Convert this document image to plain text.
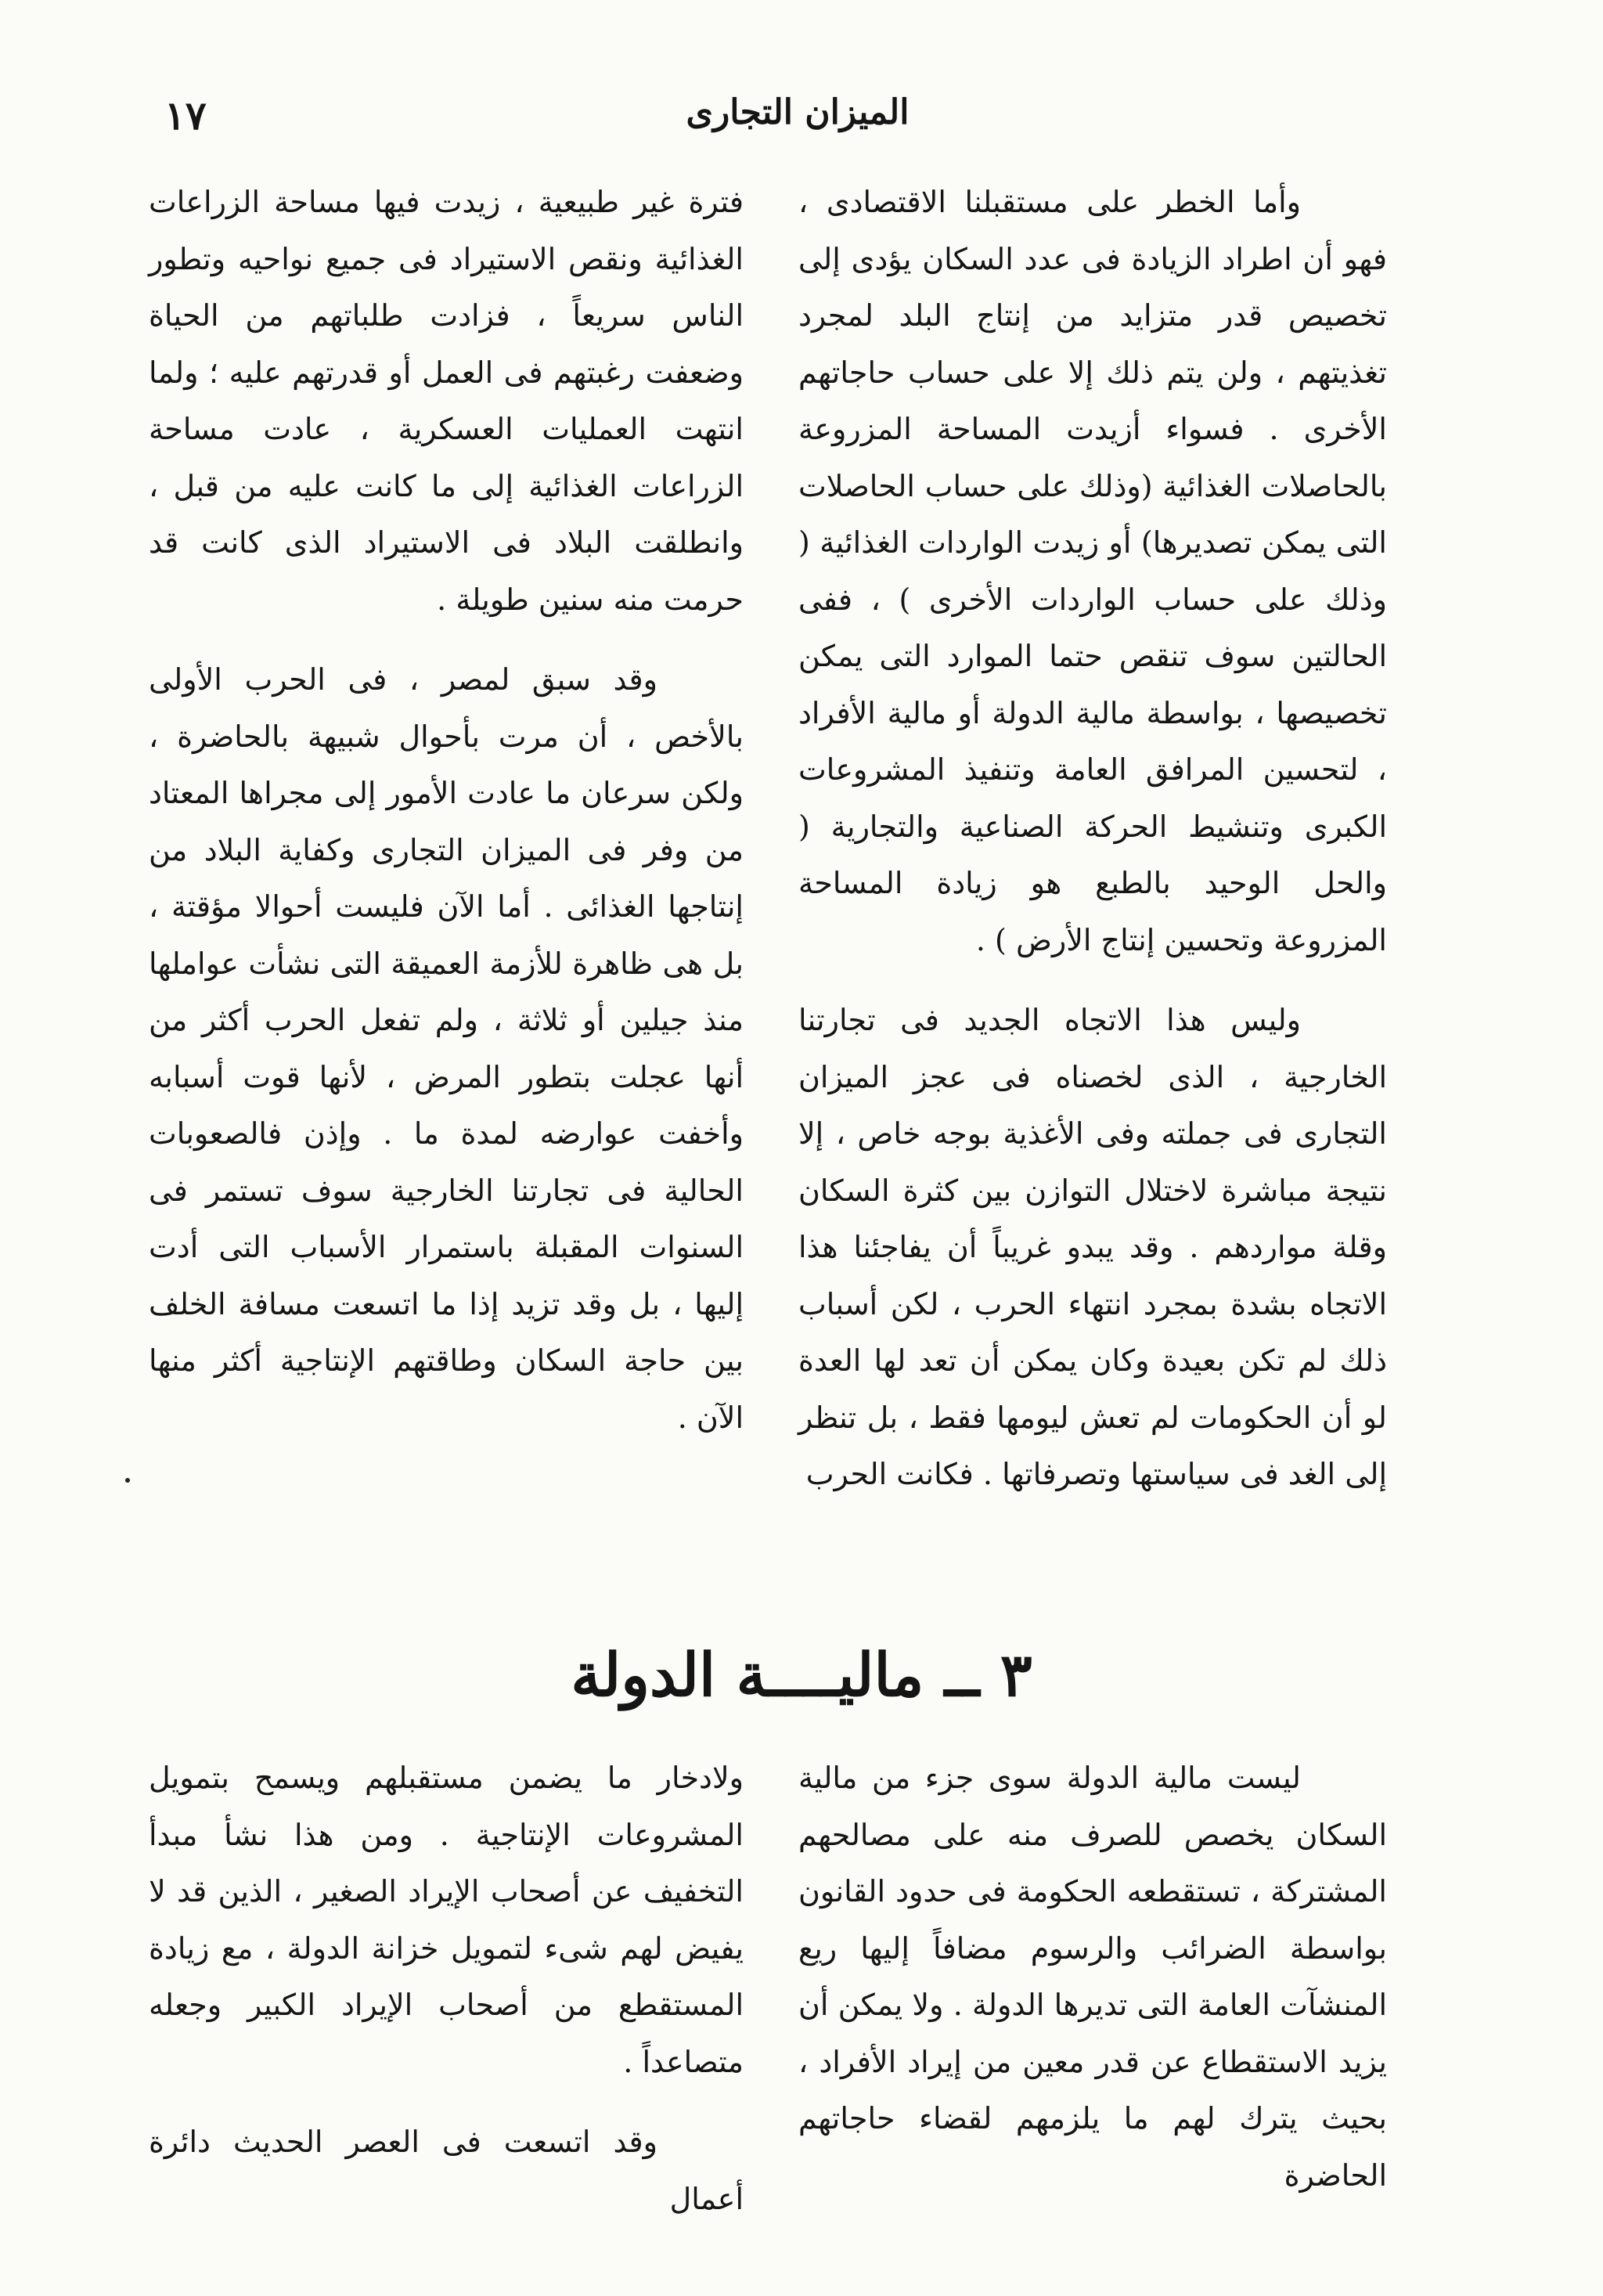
١٧	الميزان التجارى

وأما الخطر على مستقبلنا الاقتصادى ، فهو أن اطراد الزيادة فى عدد السكان يؤدى إلى تخصيص قدر متزايد من إنتاج البلد لمجرد تغذيتهم ، ولن يتم ذلك إلا على حساب حاجاتهم الأخرى . فسواء أزيدت المساحة المزروعة بالحاصلات الغذائية (وذلك على حساب الحاصلات التى يمكن تصديرها) أو زيدت الواردات الغذائية ( وذلك على حساب الواردات الأخرى ) ، ففى الحالتين سوف تنقص حتما الموارد التى يمكن تخصيصها ، بواسطة مالية الدولة أو مالية الأفراد ، لتحسين المرافق العامة وتنفيذ المشروعات الكبرى وتنشيط الحركة الصناعية والتجارية ( والحل الوحيد بالطبع هو زيادة المساحة المزروعة وتحسين إنتاج الأرض ) .

وليس هذا الاتجاه الجديد فى تجارتنا الخارجية ، الذى لخصناه فى عجز الميزان التجارى فى جملته وفى الأغذية بوجه خاص ، إلا نتيجة مباشرة لاختلال التوازن بين كثرة السكان وقلة مواردهم . وقد يبدو غريباً أن يفاجئنا هذا الاتجاه بشدة بمجرد انتهاء الحرب ، لكن أسباب ذلك لم تكن بعيدة وكان يمكن أن تعد لها العدة لو أن الحكومات لم تعش ليومها فقط ، بل تنظر إلى الغد فى سياستها وتصرفاتها . فكانت الحرب

فترة غير طبيعية ، زيدت فيها مساحة الزراعات الغذائية ونقص الاستيراد فى جميع نواحيه وتطور الناس سريعاً ، فزادت طلباتهم من الحياة وضعفت رغبتهم فى العمل أو قدرتهم عليه ؛ ولما انتهت العمليات العسكرية ، عادت مساحة الزراعات الغذائية إلى ما كانت عليه من قبل ، وانطلقت البلاد فى الاستيراد الذى كانت قد حرمت منه سنين طويلة .

وقد سبق لمصر ، فى الحرب الأولى بالأخص ، أن مرت بأحوال شبيهة بالحاضرة ، ولكن سرعان ما عادت الأمور إلى مجراها المعتاد من وفر فى الميزان التجارى وكفاية البلاد من إنتاجها الغذائى . أما الآن فليست أحوالا مؤقتة ، بل هى ظاهرة للأزمة العميقة التى نشأت عواملها منذ جيلين أو ثلاثة ، ولم تفعل الحرب أكثر من أنها عجلت بتطور المرض ، لأنها قوت أسبابه وأخفت عوارضه لمدة ما . وإذن فالصعوبات الحالية فى تجارتنا الخارجية سوف تستمر فى السنوات المقبلة باستمرار الأسباب التى أدت إليها ، بل وقد تزيد إذا ما اتسعت مسافة الخلف بين حاجة السكان وطاقتهم الإنتاجية أكثر منها الآن .

٣ ــ ماليــــة الدولة

ليست مالية الدولة سوى جزء من مالية السكان يخصص للصرف منه على مصالحهم المشتركة ، تستقطعه الحكومة فى حدود القانون بواسطة الضرائب والرسوم مضافاً إليها ريع المنشآت العامة التى تديرها الدولة . ولا يمكن أن يزيد الاستقطاع عن قدر معين من إيراد الأفراد ، بحيث يترك لهم ما يلزمهم لقضاء حاجاتهم الحاضرة

ولادخار ما يضمن مستقبلهم ويسمح بتمويل المشروعات الإنتاجية . ومن هذا نشأ مبدأ التخفيف عن أصحاب الإيراد الصغير ، الذين قد لا يفيض لهم شىء لتمويل خزانة الدولة ، مع زيادة المستقطع من أصحاب الإيراد الكبير وجعله متصاعداً .

وقد اتسعت فى العصر الحديث دائرة أعمال
